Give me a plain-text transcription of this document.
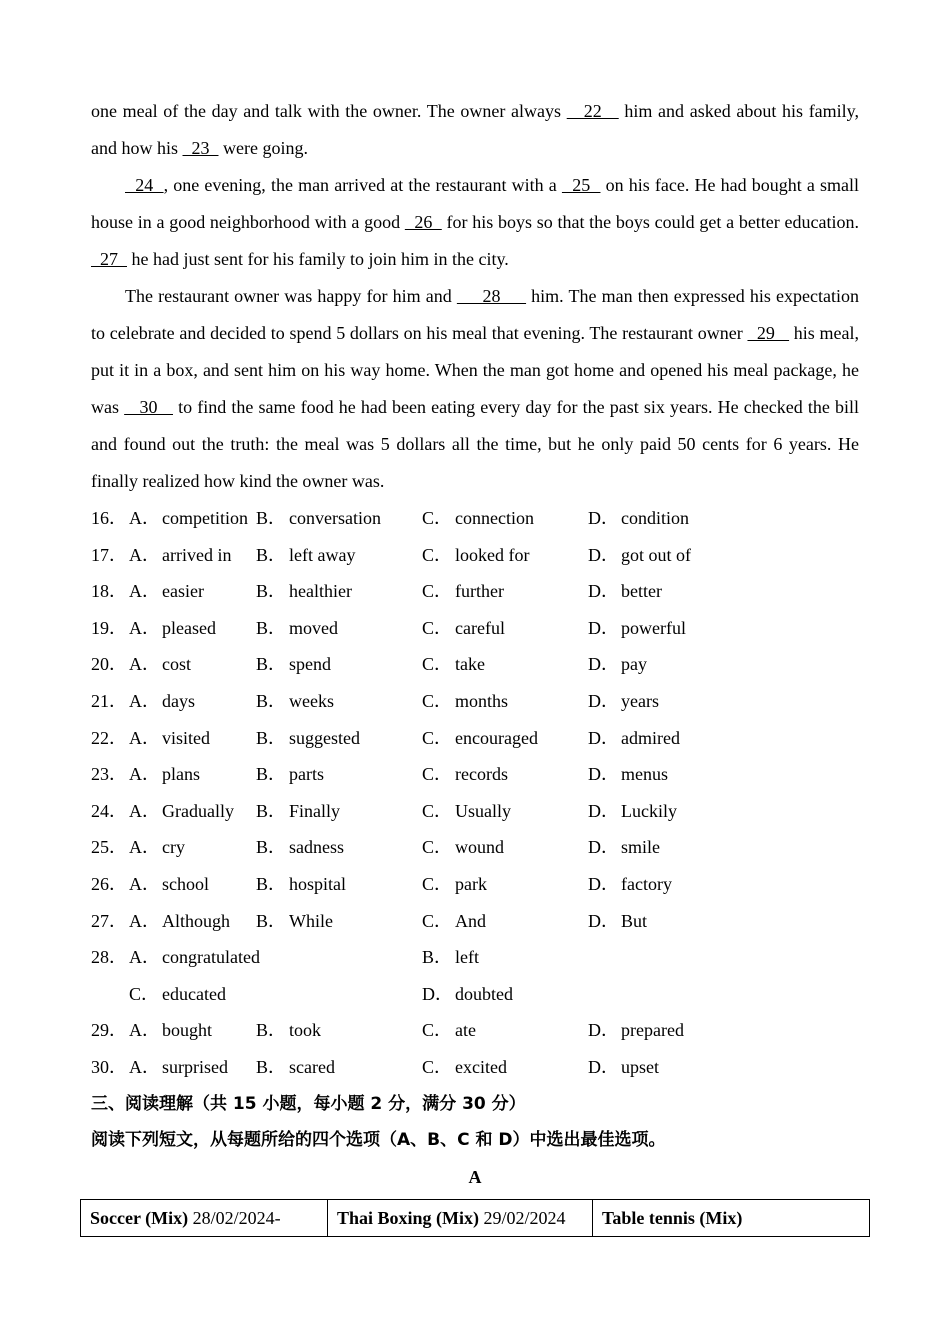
one meal of the day and talk with the owner. The owner always    22    him and asked about his family, and how his   23   were going.

24  , one evening, the man arrived at the restaurant with a   25   on his face. He had bought a small house in a good neighborhood with a good   26   for his boys so that the boys could get a better education.   27   he had just sent for his family to join him in the city.

The restaurant owner was happy for him and      28      him. The man then expressed his expectation to celebrate and decided to spend 5 dollars on his meal that evening. The restaurant owner   29    his meal, put it in a box, and sent him on his way home. When the man got home and opened his meal package, he was    30    to find the same food he had been eating every day for the past six years. He checked the bill and found out the truth: the meal was 5 dollars all the time, but he only paid 50 cents for 6 years. He finally realized how kind the owner was.

16． A． competition B． conversation C． connection	D． condition
17． A． arrived in B． left away	C． looked for	D． got out of
18． A． easier	B． healthier	C． further	D． better
19． A． pleased B． moved	C． careful	D． powerful
20． A． cost	B． spend	C． take	D． pay
21． A． days	B． weeks	C． months	D． years
22． A． visited	B． suggested	C． encouraged	D． admired
23． A． plans	B． parts	C． records	D． menus
24． A． Gradually B． Finally	C． Usually	D． Luckily
25． A． cry	B． sadness	C． wound	D． smile
26． A． school	B． hospital	C． park	D． factory
27． A． Although B． While	C． And	D． But
28． A． congratulated	B． left
C． educated	D． doubted
29． A． bought B． took	C． ate	D． prepared
30． A． surprised B． scared	C． excited	D． upset
三、阅读理解（共 15 小题，每小题 2 分，满分 30 分）
阅读下列短文，从每题所给的四个选项（A、B、C 和 D）中选出最佳选项。
A
Soccer (Mix) 28/02/2024-	Thai Boxing (Mix) 29/02/2024	Table tennis (Mix)
